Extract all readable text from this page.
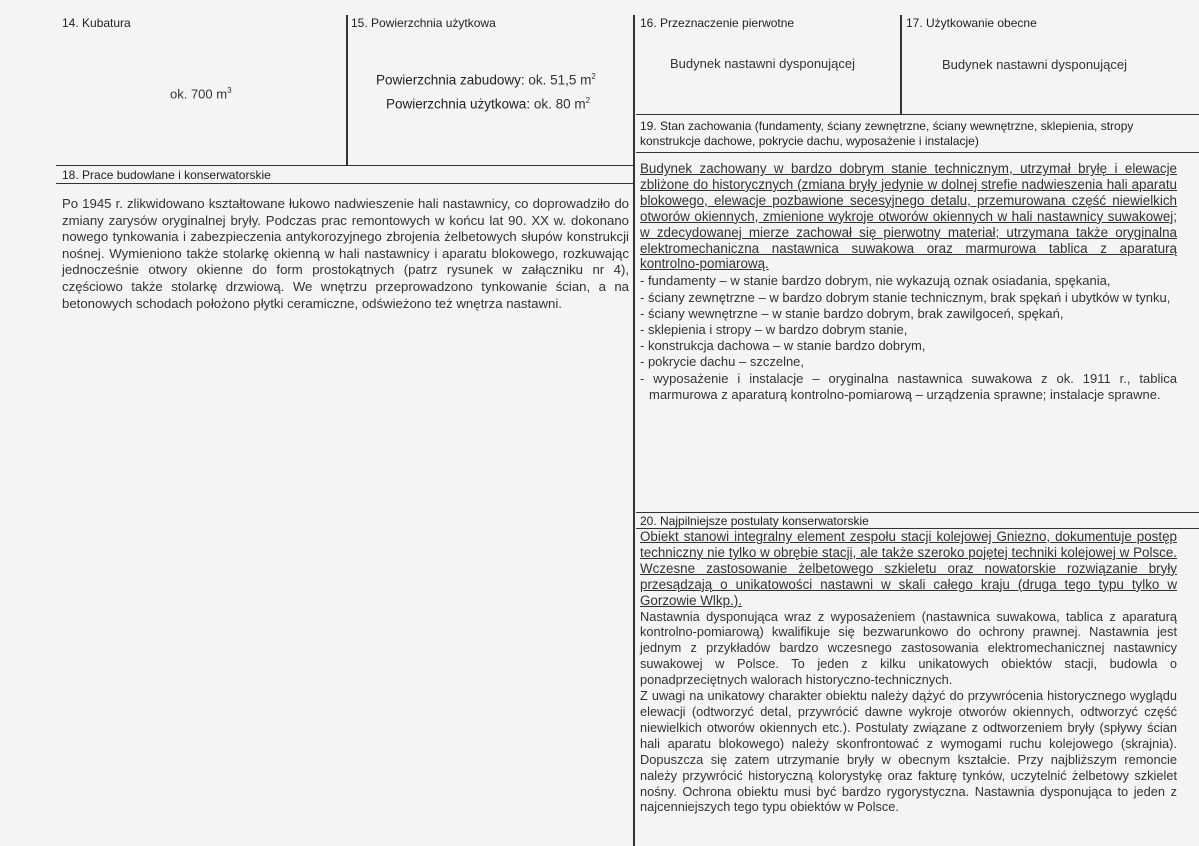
14. Kubatura
ok. 700 $m^3$
15. Powierzchnia użytkowa
Powierzchnia zabudowy: ok. 51,5 $m^2$
Powierzchnia użytkowa: ok. 80 $m^2$
16. Przeznaczenie pierwotne
Budynek nastawni dysponującej
17. Użytkowanie obecne
Budynek nastawni dysponującej
19. Stan zachowania (fundamenty, ściany zewnętrzne, ściany wewnętrzne, sklepienia, stropy konstrukcje dachowe, pokrycie dachu, wyposażenie i instalacje)
Budynek zachowany w bardzo dobrym stanie technicznym, utrzymał bryłę i elewacje zbliżone do historycznych (zmiana bryły jedynie w dolnej strefie nadwieszenia hali aparatu blokowego, elewacje pozbawione secesyjnego detalu, przemurowana część niewielkich otworów okiennych, zmienione wykroje otworów okiennych w hali nastawnicy suwakowej; w zdecydowanej mierze zachował się pierwotny materiał; utrzymana także oryginalna elektromechaniczna nastawnica suwakowa oraz marmurowa tablica z aparaturą kontrolno-pomiarową.
- fundamenty – w stanie bardzo dobrym, nie wykazują oznak osiadania, spękania,
- ściany zewnętrzne – w bardzo dobrym stanie technicznym, brak spękań i ubytków w tynku,
- ściany wewnętrzne – w stanie bardzo dobrym, brak zawilgoceń, spękań,
- sklepienia i stropy – w bardzo dobrym stanie,
- konstrukcja dachowa – w stanie bardzo dobrym,
- pokrycie dachu – szczelne,
- wyposażenie i instalacje – oryginalna nastawnica suwakowa z ok. 1911 r., tablica marmurowa z aparaturą kontrolno-pomiarową – urządzenia sprawne; instalacje sprawne.
18. Prace budowlane i konserwatorskie
Po 1945 r. zlikwidowano kształtowane łukowo nadwieszenie hali nastawnicy, co doprowadziło do zmiany zarysów oryginalnej bryły. Podczas prac remontowych w końcu lat 90. XX w. dokonano nowego tynkowania i zabezpieczenia antykorozyjnego zbrojenia żelbetowych słupów konstrukcji nośnej. Wymieniono także stolarkę okienną w hali nastawnicy i aparatu blokowego, rozkuwając jednocześnie otwory okienne do form prostokątnych (patrz rysunek w załączniku nr 4), częściowo także stolarkę drzwiową. We wnętrzu przeprowadzono tynkowanie ścian, a na betonowych schodach położono płytki ceramiczne, odświeżono też wnętrza nastawni.
20. Najpilniejsze postulaty konserwatorskie
Obiekt stanowi integralny element zespołu stacji kolejowej Gniezno, dokumentuje postęp techniczny nie tylko w obrębie stacji, ale także szeroko pojętej techniki kolejowej w Polsce. Wczesne zastosowanie żelbetowego szkieletu oraz nowatorskie rozwiązanie bryły przesądzają o unikatowości nastawni w skali całego kraju (druga tego typu tylko w Gorzowie Wlkp.).
Nastawnia dysponująca wraz z wyposażeniem (nastawnica suwakowa, tablica z aparaturą kontrolno-pomiarową) kwalifikuje się bezwarunkowo do ochrony prawnej. Nastawnia jest jednym z przykładów bardzo wczesnego zastosowania elektromechanicznej nastawnicy suwakowej w Polsce. To jeden z kilku unikatowych obiektów stacji, budowla o ponadprzeciętnych walorach historyczno-technicznych.
Z uwagi na unikatowy charakter obiektu należy dążyć do przywrócenia historycznego wyglądu elewacji (odtworzyć detal, przywrócić dawne wykroje otworów okiennych, odtworzyć część niewielkich otworów okiennych etc.). Postulaty związane z odtworzeniem bryły (spływy ścian hali aparatu blokowego) należy skonfrontować z wymogami ruchu kolejowego (skrajnia). Dopuszcza się zatem utrzymanie bryły w obecnym kształcie. Przy najbliższym remoncie należy przywrócić historyczną kolorystykę oraz fakturę tynków, uczytelnić żelbetowy szkielet nośny. Ochrona obiektu musi być bardzo rygorystyczna. Nastawnia dysponująca to jeden z najcenniejszych tego typu obiektów w Polsce.
